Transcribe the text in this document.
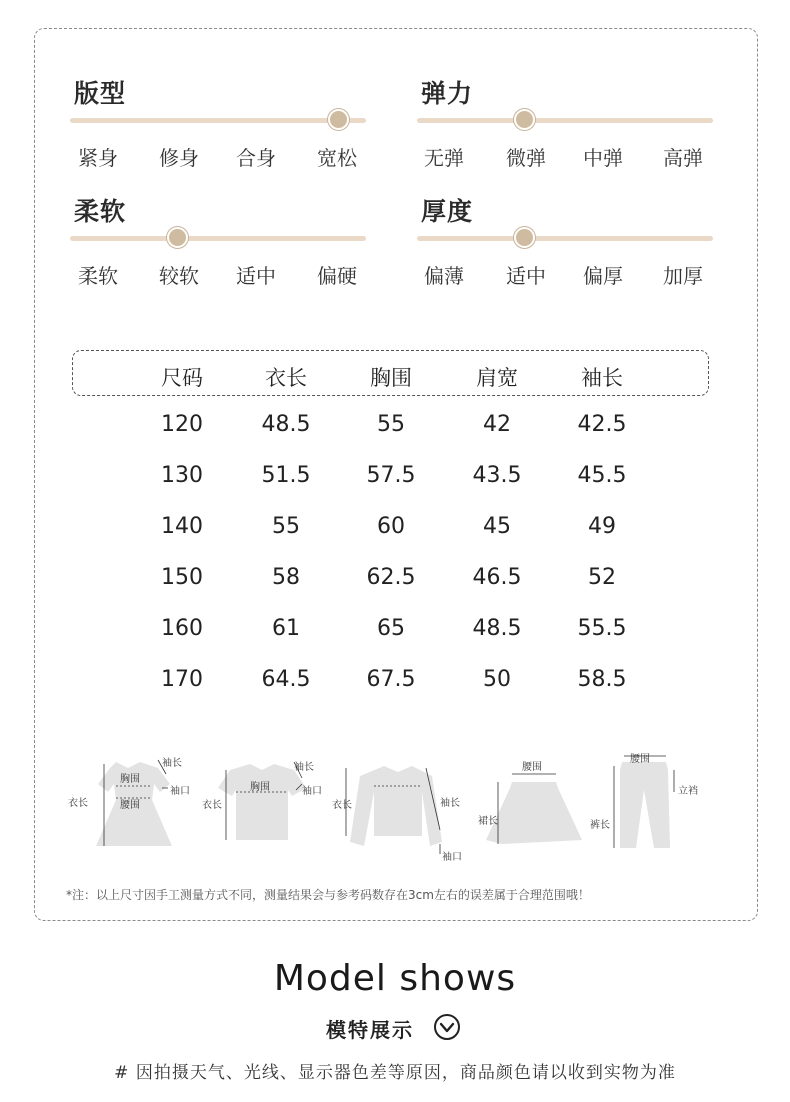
版型
紧身 修身 合身 宽松
弹力
无弹 微弹 中弹 高弹
柔软
柔软 较软 适中 偏硬
厚度
偏薄 适中 偏厚 加厚
尺码	衣长	胸围	肩宽	袖长
120	48.5	55	42	42.5
130	51.5	57.5	43.5	45.5
140	55	60	45	49
150	58	62.5	46.5	52
160	61	65	48.5	55.5
170	64.5	67.5	50	58.5
袖长
胸围
袖口
衣长	腰围
袖长
胸围	袖口
衣长	衣长	袖长
袖口
腰围
裙长
腰围
立裆
裤长
*注：以上尺寸因手工测量方式不同，测量结果会与参考码数存在3cm左右的误差属于合理范围哦！
Model shows
模特展示
# 因拍摄天气、光线、显示器色差等原因，商品颜色请以收到实物为准
